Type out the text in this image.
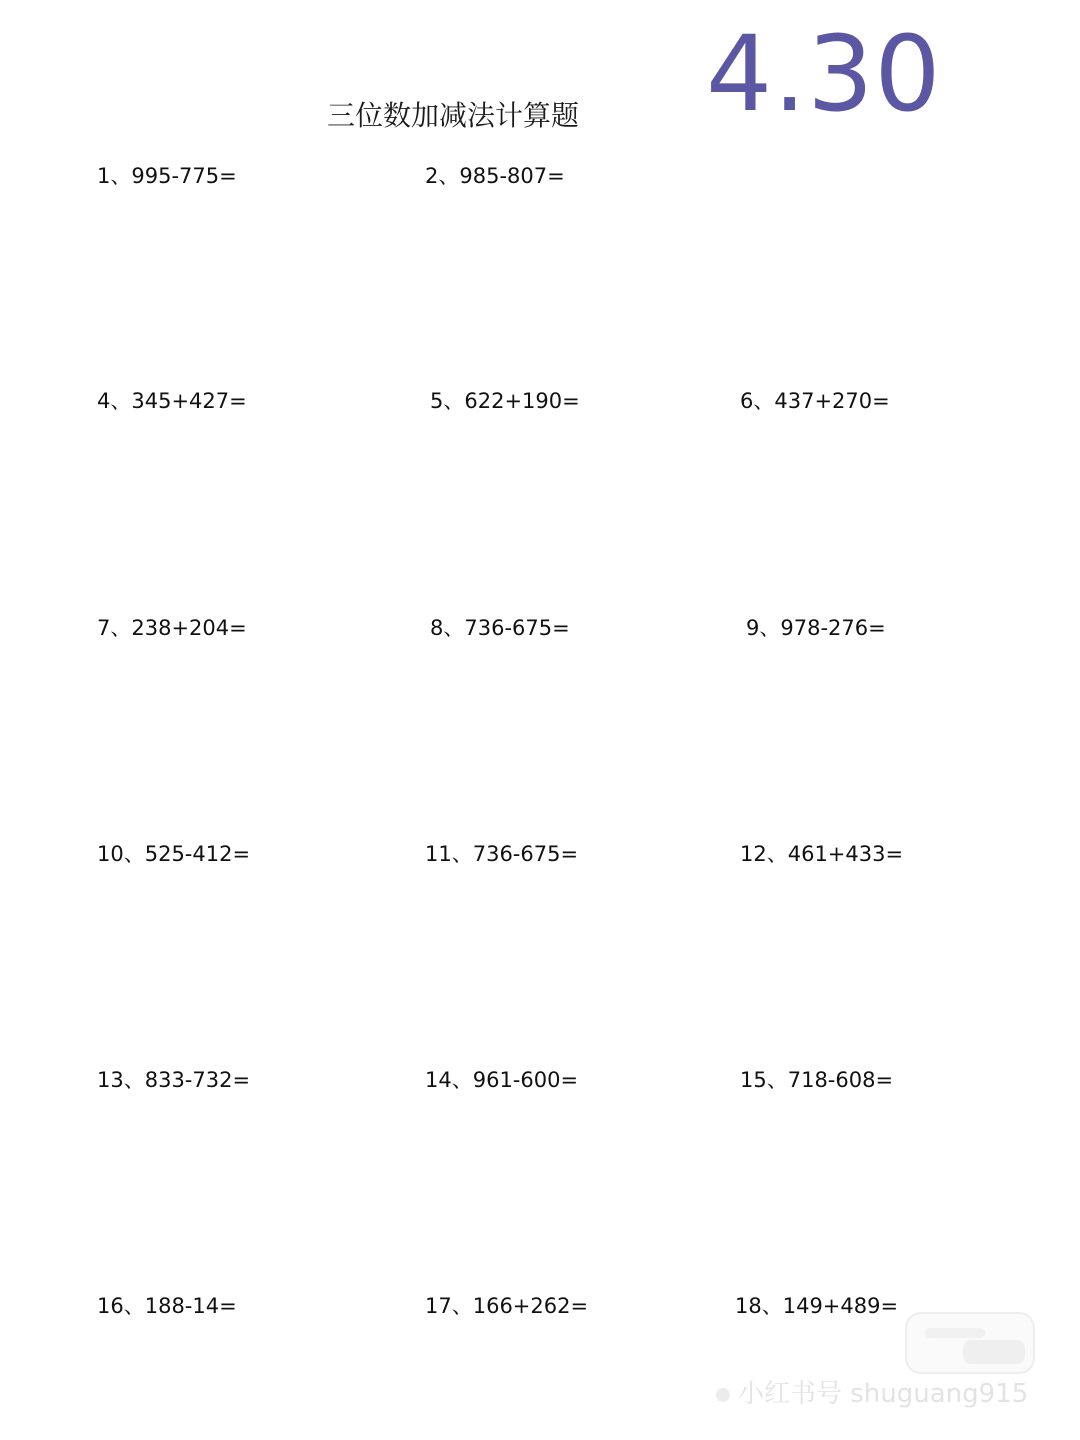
4.30
三位数加减法计算题
1、995-775=	2、985-807=
4、345+427=	5、622+190=	6、437+270=
7、238+204=	8、736-675=	9、978-276=
10、525-412=	11、736-675=	12、461+433=
13、833-732=	14、961-600=	15、718-608=
16、188-14=	17、166+262=	18、149+489=
小红书号 shuguang915
